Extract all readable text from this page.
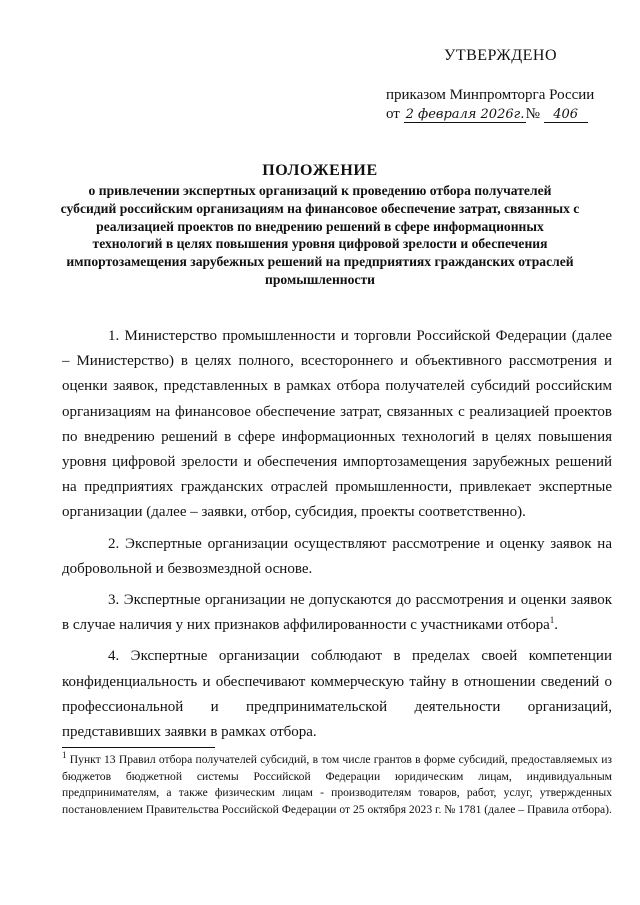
УТВЕРЖДЕНО
приказом Минпромторга России
от 2 февраля 2026г.№ 406
ПОЛОЖЕНИЕ
о привлечении экспертных организаций к проведению отбора получателей субсидий российским организациям на финансовое обеспечение затрат, связанных с реализацией проектов по внедрению решений в сфере информационных технологий в целях повышения уровня цифровой зрелости и обеспечения импортозамещения зарубежных решений на предприятиях гражданских отраслей промышленности

1. Министерство промышленности и торговли Российской Федерации (далее – Министерство) в целях полного, всестороннего и объективного рассмотрения и оценки заявок, представленных в рамках отбора получателей субсидий российским организациям на финансовое обеспечение затрат, связанных с реализацией проектов по внедрению решений в сфере информационных технологий в целях повышения уровня цифровой зрелости и обеспечения импортозамещения зарубежных решений на предприятиях гражданских отраслей промышленности, привлекает экспертные организации (далее – заявки, отбор, субсидия, проекты соответственно).

2. Экспертные организации осуществляют рассмотрение и оценку заявок на добровольной и безвозмездной основе.

3. Экспертные организации не допускаются до рассмотрения и оценки заявок в случае наличия у них признаков аффилированности с участниками отбора$^1$.

4. Экспертные организации соблюдают в пределах своей компетенции конфиденциальность и обеспечивают коммерческую тайну в отношении сведений о профессиональной и предпринимательской деятельности организаций, представивших заявки в рамках отбора.

$^1$ Пункт 13 Правил отбора получателей субсидий, в том числе грантов в форме субсидий, предоставляемых из бюджетов бюджетной системы Российской Федерации юридическим лицам, индивидуальным предпринимателям, а также физическим лицам - производителям товаров, работ, услуг, утвержденных постановлением Правительства Российской Федерации от 25 октября 2023 г. № 1781 (далее – Правила отбора).
